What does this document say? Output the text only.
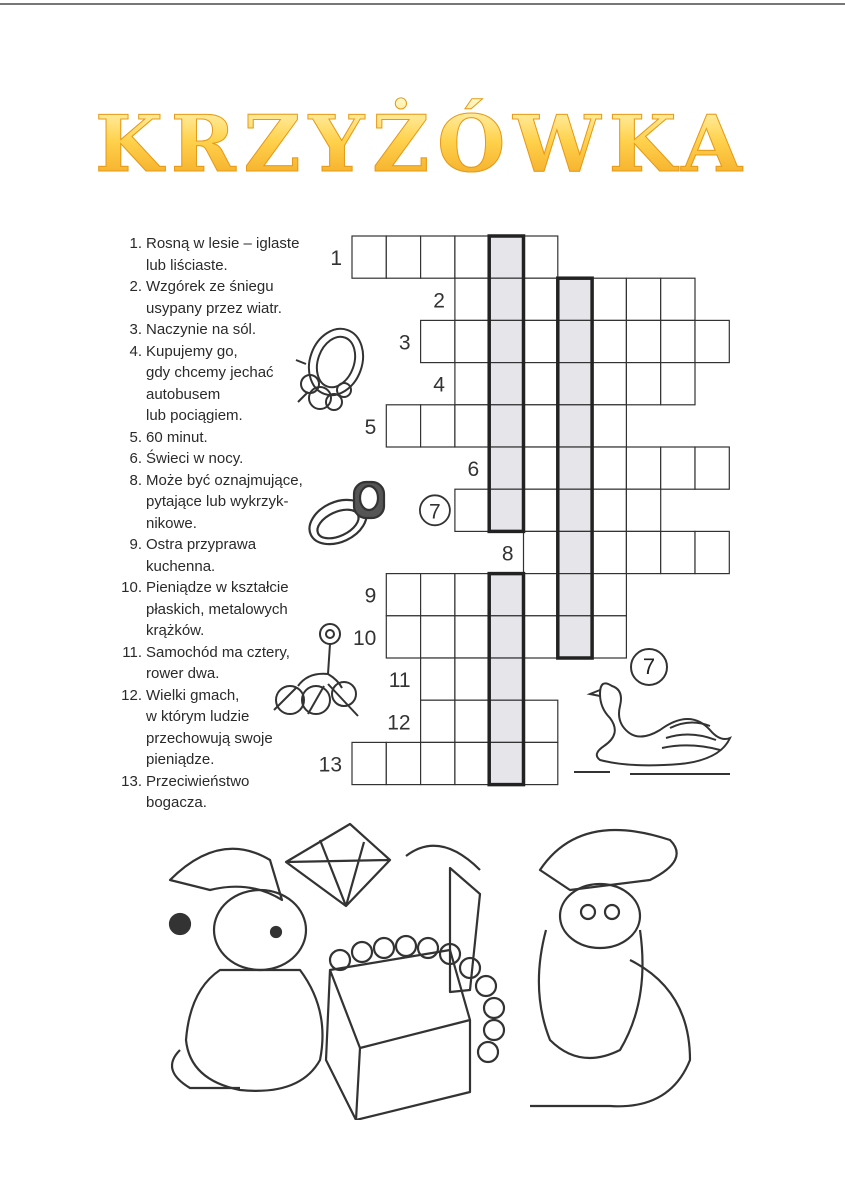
KRZYŻÓWKA
1. Rosną w lesie – iglaste
lub liściaste.
2. Wzgórek ze śniegu
usypany przez wiatr.
3. Naczynie na sól.
4. Kupujemy go,
gdy chcemy jechać
autobusem
lub pociągiem.
5. 60 minut.
6. Świeci w nocy.
8. Może być oznajmujące,
pytające lub wykrzyk-
nikowe.
9. Ostra przyprawa
kuchenna.
10. Pieniądze w kształcie
płaskich, metalowych
krążków.
11. Samochód ma cztery,
rower dwa.
12. Wielki gmach,
w którym ludzie
przechowują swoje
pieniądze.
13. Przeciwieństwo
bogacza.
1
2
3
4
5
6
7
8
9
10
11
12
13
7
